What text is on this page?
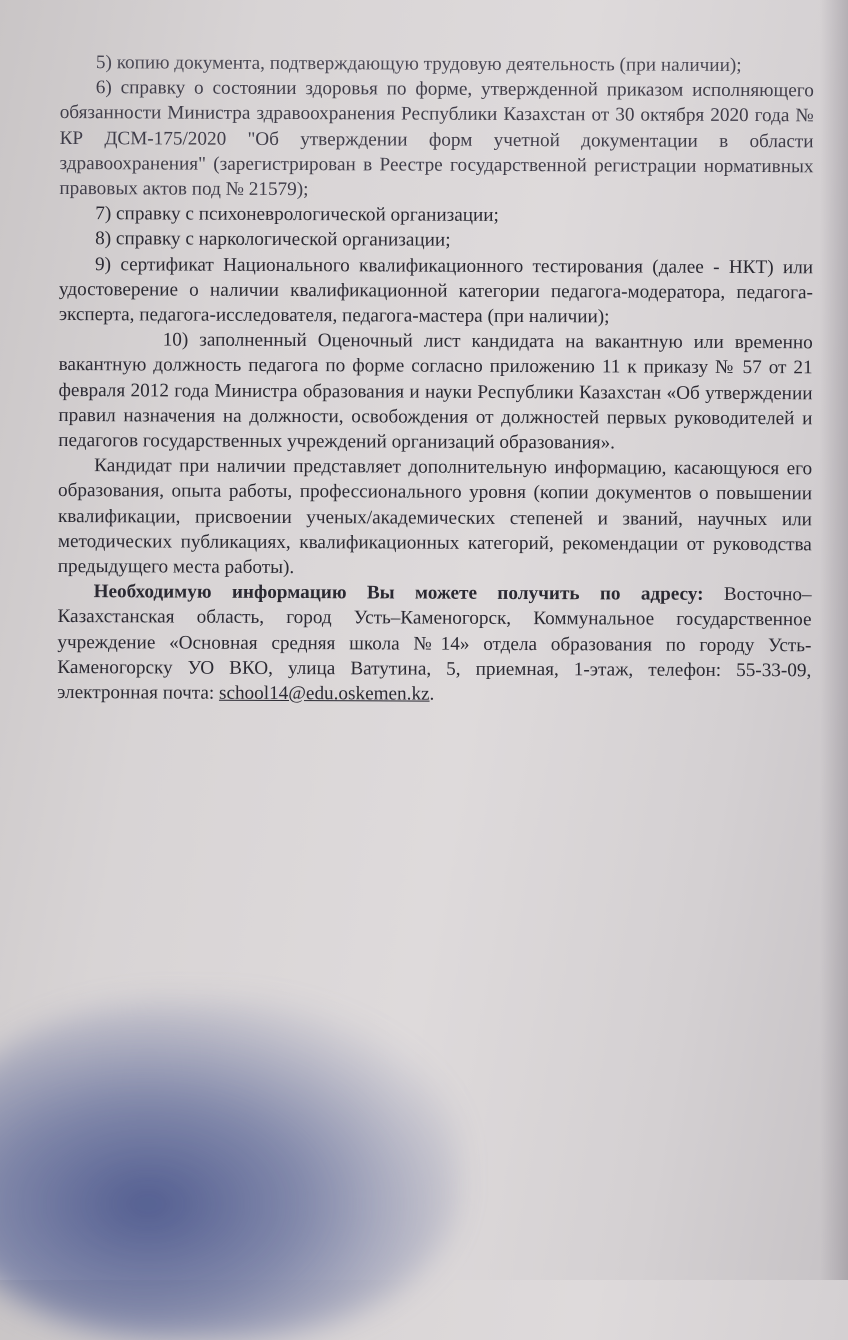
5) копию документа, подтверждающую трудовую деятельность (при наличии);

6) справку о состоянии здоровья по форме, утвержденной приказом исполняющего обязанности Министра здравоохранения Республики Казахстан от 30 октября 2020 года № КР ДСМ-175/2020 "Об утверждении форм учетной документации в области здравоохранения" (зарегистрирован в Реестре государственной регистрации нормативных правовых актов под № 21579);

7) справку с психоневрологической организации;

8) справку с наркологической организации;

9) сертификат Национального квалификационного тестирования (далее - НКТ) или удостоверение о наличии квалификационной категории педагога-модератора, педагога-эксперта, педагога-исследователя, педагога-мастера (при наличии);

10) заполненный Оценочный лист кандидата на вакантную или временно вакантную должность педагога по форме согласно приложению 11 к приказу № 57 от 21 февраля 2012 года Министра образования и науки Республики Казахстан «Об утверждении правил назначения на должности, освобождения от должностей первых руководителей и педагогов государственных учреждений организаций образования».

Кандидат при наличии представляет дополнительную информацию, касающуюся его образования, опыта работы, профессионального уровня (копии документов о повышении квалификации, присвоении ученых/академических степеней и званий, научных или методических публикациях, квалификационных категорий, рекомендации от руководства предыдущего места работы).

Необходимую информацию Вы можете получить по адресу: Восточно–Казахстанская область, город Усть–Каменогорск, Коммунальное государственное учреждение «Основная средняя школа №14» отдела образования по городу Усть-Каменогорску УО ВКО, улица Ватутина, 5, приемная, 1-этаж, телефон: 55-33-09, электронная почта: school14@edu.oskemen.kz.
